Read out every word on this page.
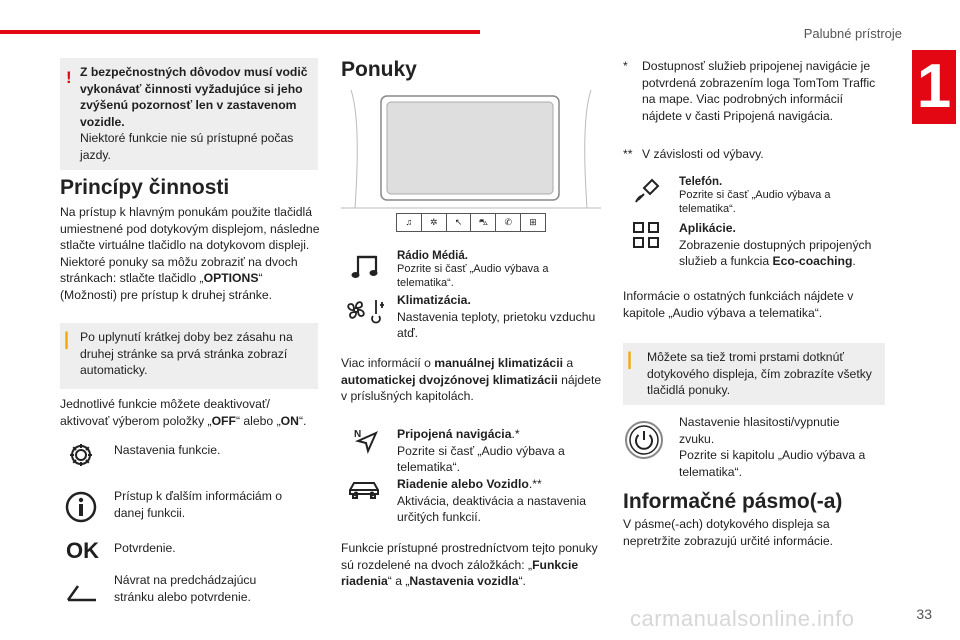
Palubné prístroje
1
! Z bezpečnostných dôvodov musí vodič vykonávať činnosti vyžadujúce si jeho zvýšenú pozornosť len v zastavenom vozidle.

Niektoré funkcie nie sú prístupné počas jazdy.

Princípy činnosti

Na prístup k hlavným ponukám použite tlačidlá umiestnené pod dotykovým displejom, následne stlačte virtuálne tlačidlo na dotykovom displeji.

Niektoré ponuky sa môžu zobraziť na dvoch stránkach: stlačte tlačidlo „OPTIONS“ (Možnosti) pre prístup k druhej stránke.

| Po uplynutí krátkej doby bez zásahu na druhej stránke sa prvá stránka zobrazí automaticky.

Jednotlivé funkcie môžete deaktivovať/ aktivovať výberom položky „OFF“ alebo „ON“.

Nastavenia funkcie.

Prístup k ďalším informáciám o danej funkcii.

OK Potvrdenie.

Návrat na predchádzajúcu stránku alebo potvrdenie.

Ponuky
♫	✲	↖	⛍	✆	⊞

Rádio Médiá.

Pozrite si časť „Audio výbava a telematika“.

Klimatizácia.

Nastavenia teploty, prietoku vzduchu atď.

Viac informácií o manuálnej klimatizácii a automatickej dvojzónovej klimatizácii nájdete v príslušných kapitolách.

N	Pripojená navigácia.*

Pozrite si časť „Audio výbava a telematika“.

Riadenie alebo Vozidlo.**

Aktivácia, deaktivácia a nastavenia určitých funkcií.

Funkcie prístupné prostredníctvom tejto ponuky sú rozdelené na dvoch záložkách: „Funkcie riadenia“ a „Nastavenia vozidla“.

* Dostupnosť služieb pripojenej navigácie je potvrdená zobrazením loga TomTom Traffic na mape. Viac podrobných informácií nájdete v časti Pripojená navigácia.

** V závislosti od výbavy.

Telefón.

Pozrite si časť „Audio výbava a telematika“.

Aplikácie.

Zobrazenie dostupných pripojených služieb a funkcia Eco-coaching.

Informácie o ostatných funkciách nájdete v kapitole „Audio výbava a telematika“.

| Môžete sa tiež tromi prstami dotknúť dotykového displeja, čím zobrazíte všetky tlačidlá ponuky.

Nastavenie hlasitosti/vypnutie zvuku.
Pozrite si kapitolu „Audio výbava a telematika“.

Informačné pásmo(-a)

V pásme(-ach) dotykového displeja sa nepretržite zobrazujú určité informácie.

carmanualsonline.info	33
